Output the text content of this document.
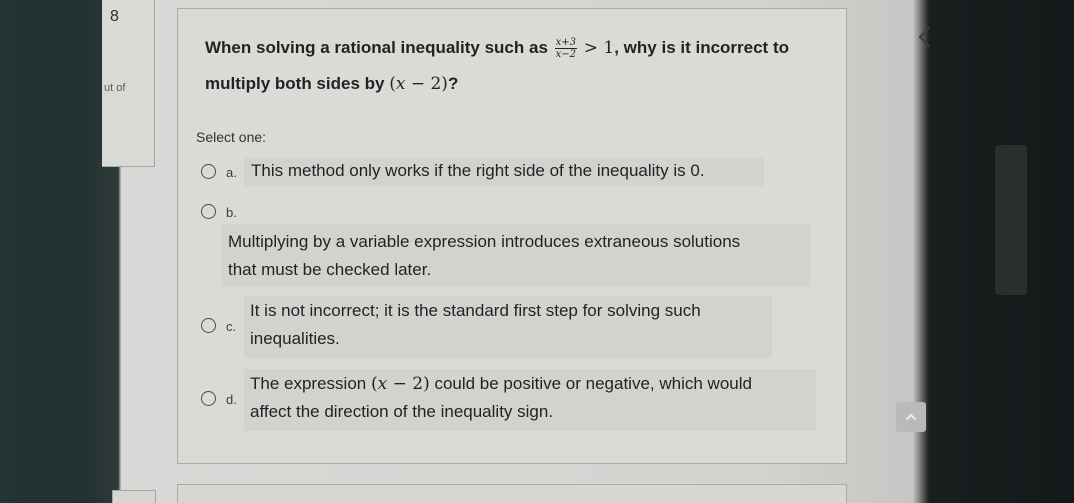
8
ut of
When solving a rational inequality such as $\frac{x+3}{x-2} > 1$, why is it incorrect to
multiply both sides by (x − 2)?
Select one:
a. This method only works if the right side of the inequality is 0.
b.
Multiplying by a variable expression introduces extraneous solutions
that must be checked later.
c.
It is not incorrect; it is the standard first step for solving such
inequalities.
d.
The expression (x − 2) could be positive or negative, which would
affect the direction of the inequality sign.
